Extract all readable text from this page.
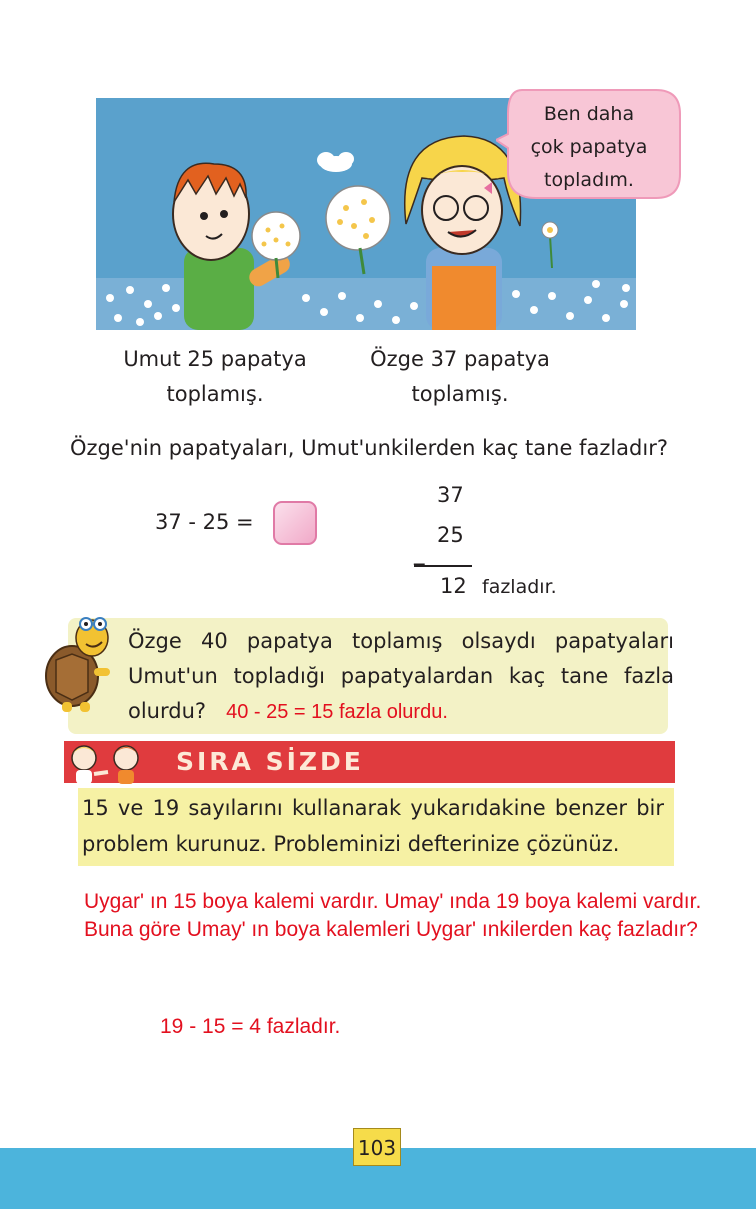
Ben daha
çok papatya
topladım.
Umut 25 papatya
toplamış.
Özge 37 papatya
toplamış.
Özge'nin papatyaları, Umut'unkilerden kaç tane fazladır?
37 - 25 =
37
25
_
12 fazladır.
Özge 40 papatya toplamış olsaydı papatyaları Umut'un topladığı papatyalardan kaç tane fazla olurdu? 40 - 25 = 15 fazla olurdu.
SIRA SİZDE
15 ve 19 sayılarını kullanarak yukarıdakine benzer bir problem kurunuz. Probleminizi defterinize çözünüz.
Uygar' ın 15 boya kalemi vardır. Umay' ında 19 boya kalemi vardır. Buna göre Umay' ın boya kalemleri Uygar' ınkilerden kaç fazladır?
19 - 15 = 4 fazladır.
103
